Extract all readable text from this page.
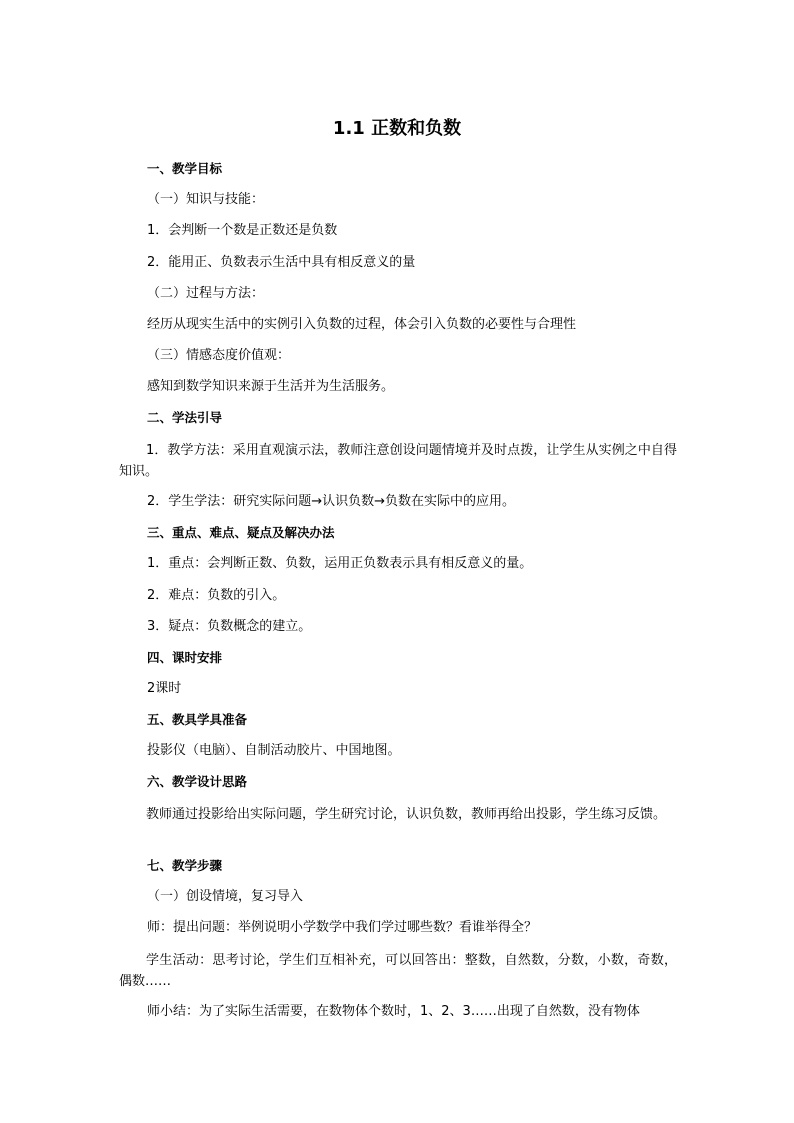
1.1 正数和负数
一、教学目标
（一）知识与技能：
1．会判断一个数是正数还是负数
2．能用正、负数表示生活中具有相反意义的量
（二）过程与方法：
经历从现实生活中的实例引入负数的过程，体会引入负数的必要性与合理性
（三）情感态度价值观：
感知到数学知识来源于生活并为生活服务。
二、学法引导
1．教学方法：采用直观演示法，教师注意创设问题情境并及时点拨，让学生从实例之中自得知识。
2．学生学法：研究实际问题→认识负数→负数在实际中的应用。
三、重点、难点、疑点及解决办法
1．重点：会判断正数、负数，运用正负数表示具有相反意义的量。
2．难点：负数的引入。
3．疑点：负数概念的建立。
四、课时安排
2课时
五、教具学具准备
投影仪（电脑）、自制活动胶片、中国地图。
六、教学设计思路
教师通过投影给出实际问题，学生研究讨论，认识负数，教师再给出投影，学生练习反馈。
七、教学步骤
（一）创设情境，复习导入
师：提出问题：举例说明小学数学中我们学过哪些数？看谁举得全？
学生活动：思考讨论，学生们互相补充，可以回答出：整数，自然数，分数，小数，奇数，偶数……
师小结：为了实际生活需要，在数物体个数时，1、2、3……出现了自然数，没有物体
